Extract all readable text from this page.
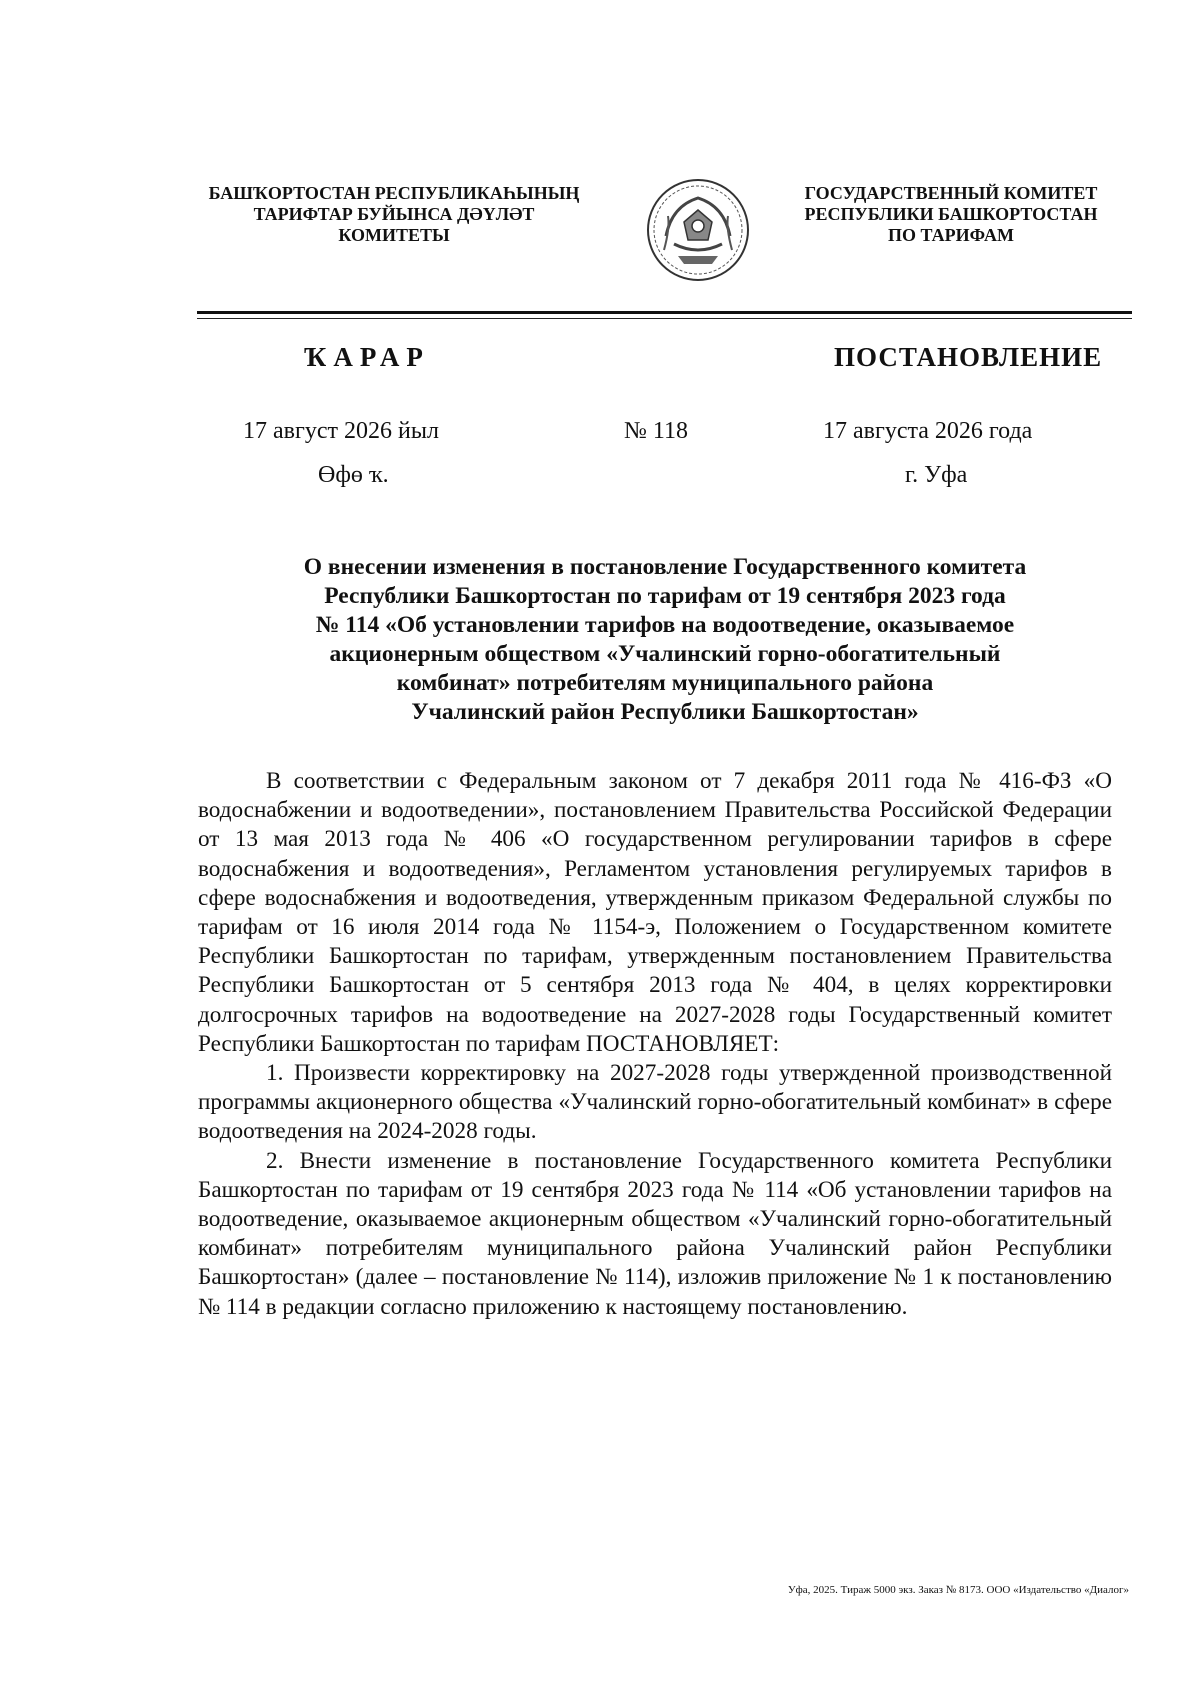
БАШҠОРТОСТАН РЕСПУБЛИКАҺЫНЫҢ
ТАРИФТАР БУЙЫНСА ДӘҮЛӘТ
КОМИТЕТЫ
ГОСУДАРСТВЕННЫЙ КОМИТЕТ
РЕСПУБЛИКИ БАШКОРТОСТАН
ПО ТАРИФАМ
ҠАРАР	ПОСТАНОВЛЕНИЕ
17 август 2026 йыл	№ 118	17 августа 2026 года
Өфө ҡ.	г. Уфа
О внесении изменения в постановление Государственного комитета
Республики Башкортостан по тарифам от 19 сентября 2023 года
№ 114 «Об установлении тарифов на водоотведение, оказываемое
акционерным обществом «Учалинский горно-обогатительный
комбинат» потребителям муниципального района
Учалинский район Республики Башкортостан»

В соответствии с Федеральным законом от 7 декабря 2011 года № 416-ФЗ «О водоснабжении и водоотведении», постановлением Правительства Российской Федерации от 13 мая 2013 года № 406 «О государственном регулировании тарифов в сфере водоснабжения и водоотведения», Регламентом установления регулируемых тарифов в сфере водоснабжения и водоотведения, утвержденным приказом Федеральной службы по тарифам от 16 июля 2014 года № 1154-э, Положением о Государственном комитете Республики Башкортостан по тарифам, утвержденным постановлением Правительства Республики Башкортостан от 5 сентября 2013 года № 404, в целях корректировки долгосрочных тарифов на водоотведение на 2027-2028 годы Государственный комитет Республики Башкортостан по тарифам ПОСТАНОВЛЯЕТ:

1. Произвести корректировку на 2027-2028 годы утвержденной производственной программы акционерного общества «Учалинский горно-обогатительный комбинат» в сфере водоотведения на 2024-2028 годы.

2. Внести изменение в постановление Государственного комитета Республики Башкортостан по тарифам от 19 сентября 2023 года № 114 «Об установлении тарифов на водоотведение, оказываемое акционерным обществом «Учалинский горно-обогатительный комбинат» потребителям муниципального района Учалинский район Республики Башкортостан» (далее – постановление № 114), изложив приложение № 1 к постановлению № 114 в редакции согласно приложению к настоящему постановлению.

Уфа, 2025. Тираж 5000 экз. Заказ № 8173. ООО «Издательство «Диалог»
